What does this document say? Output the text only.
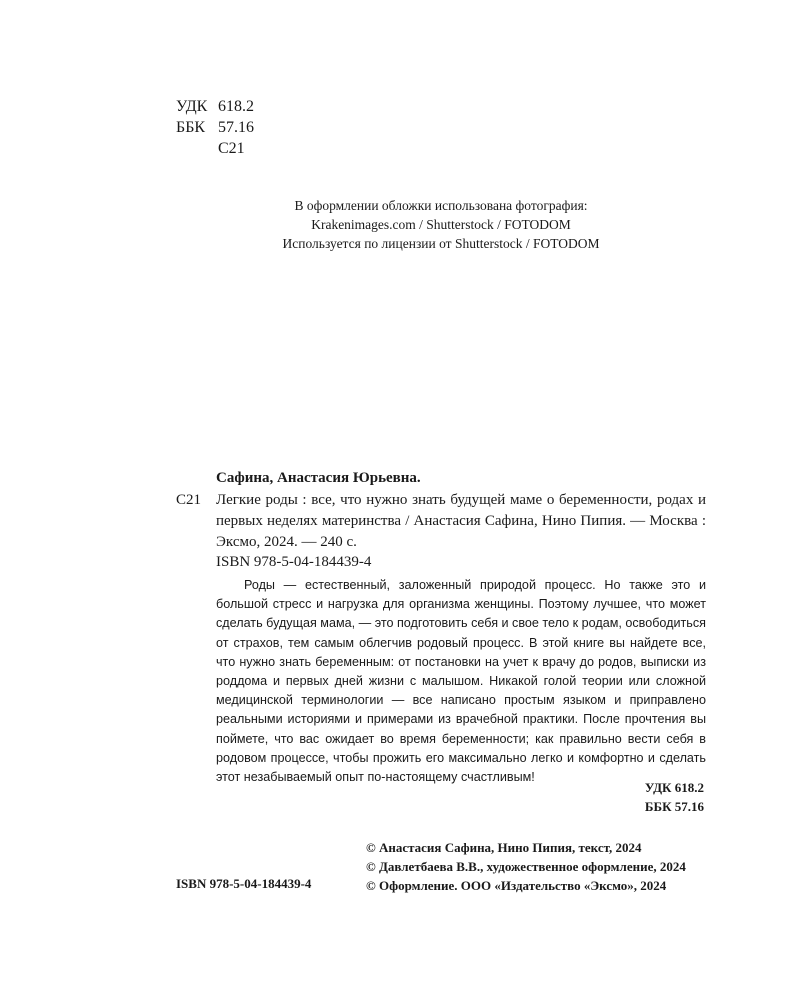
УДК 618.2
ББК 57.16
С21
В оформлении обложки использована фотография:
Krakenimages.com / Shutterstock / FOTODOM
Используется по лицензии от Shutterstock / FOTODOM
Сафина, Анастасия Юрьевна.
С21 Легкие роды : все, что нужно знать будущей маме о беременности, родах и первых неделях материнства / Анастасия Сафина, Нино Пипия. — Москва : Эксмо, 2024. — 240 с.
ISBN 978-5-04-184439-4

Роды — естественный, заложенный природой процесс. Но также это и большой стресс и нагрузка для организма женщины. Поэтому лучшее, что может сделать будущая мама, — это подготовить себя и свое тело к родам, освободиться от страхов, тем самым облегчив родовый процесс. В этой книге вы найдете все, что нужно знать беременным: от постановки на учет к врачу до родов, выписки из роддома и первых дней жизни с малышом. Никакой голой теории или сложной медицинской терминологии — все написано простым языком и приправлено реальными историями и примерами из врачебной практики. После прочтения вы поймете, что вас ожидает во время беременности; как правильно вести себя в родовом процессе, чтобы прожить его максимально легко и комфортно и сделать этот незабываемый опыт по-настоящему счастливым!

УДК 618.2
ББК 57.16
© Анастасия Сафина, Нино Пипия, текст, 2024
© Давлетбаева В.В., художественное оформление, 2024
© Оформление. ООО «Издательство «Эксмо», 2024
ISBN 978-5-04-184439-4
